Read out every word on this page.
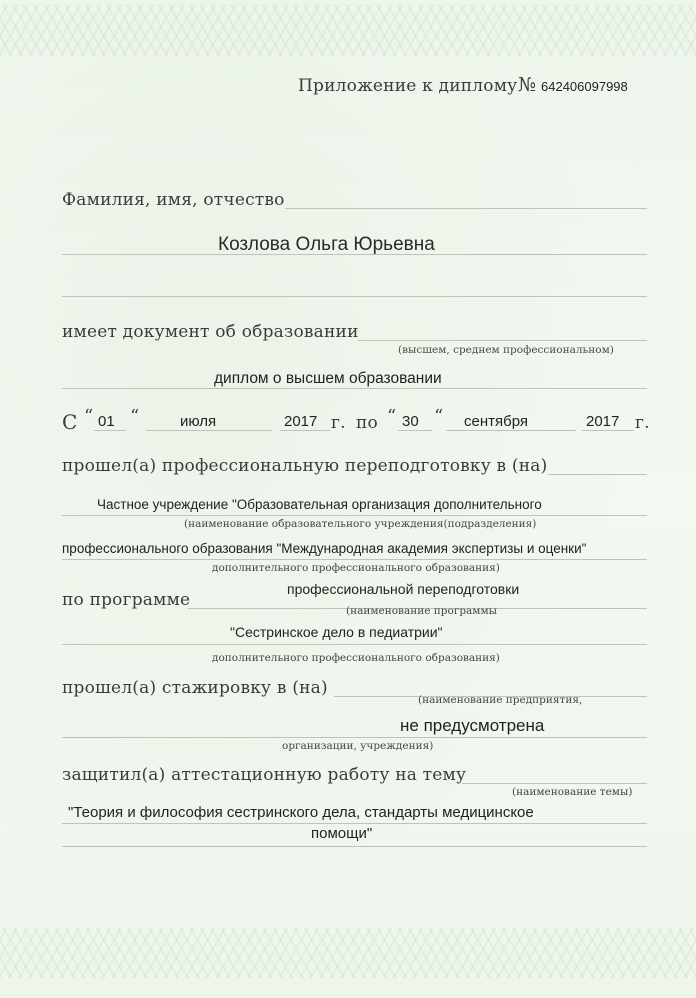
Приложение к диплому № 642406097998
Фамилия, имя, отчество
Козлова Ольга Юрьевна
имеет документ об образовании
(высшем, среднем профессиональном)
диплом о высшем образовании
С “ 01 “	июля	2017 г. по “ 30 “ сентября	2017 г.
прошел(а) профессиональную переподготовку в (на)
Частное учреждение "Образовательная организация дополнительного
(наименование образовательного учреждения(подразделения)
профессионального образования "Международная академия экспертизы и оценки"
дополнительного профессионального образования)
по программе
профессиональной переподготовки
(наименование программы
"Сестринское дело в педиатрии"
дополнительного профессионального образования)
прошел(а) стажировку в (на)
(наименование предприятия,
не предусмотрена
организации, учреждения)
защитил(а) аттестационную работу на тему
(наименование темы)
"Теория и философия сестринского дела, стандарты медицинское
помощи"
